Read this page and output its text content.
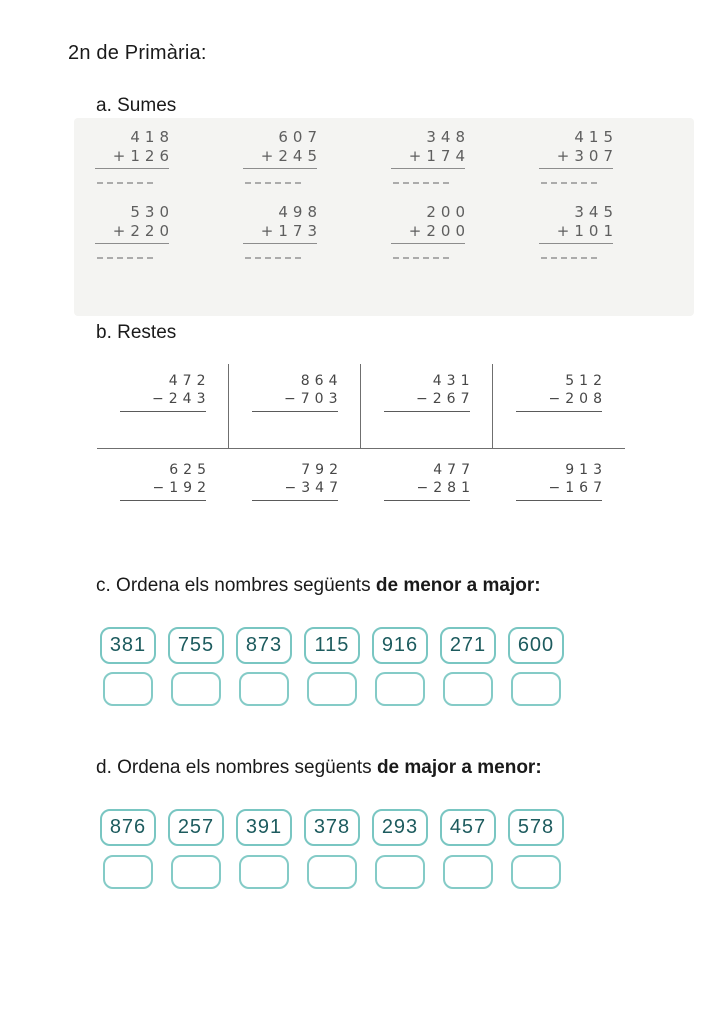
2n de Primària:
a. Sumes
418
+ 126
607
+ 245
348
+ 174
415
+ 307
530
+ 220
498
+ 173
200
+ 200
345
+ 101
b. Restes
472
− 243
864
− 703
431
− 267
512
− 208
625
− 192
792
− 347
477
− 281
913
− 167
c. Ordena els nombres següents de menor a major:
381	755	873	115	916	271	600
d. Ordena els nombres següents de major a menor:
876	257	391	378	293	457	578
